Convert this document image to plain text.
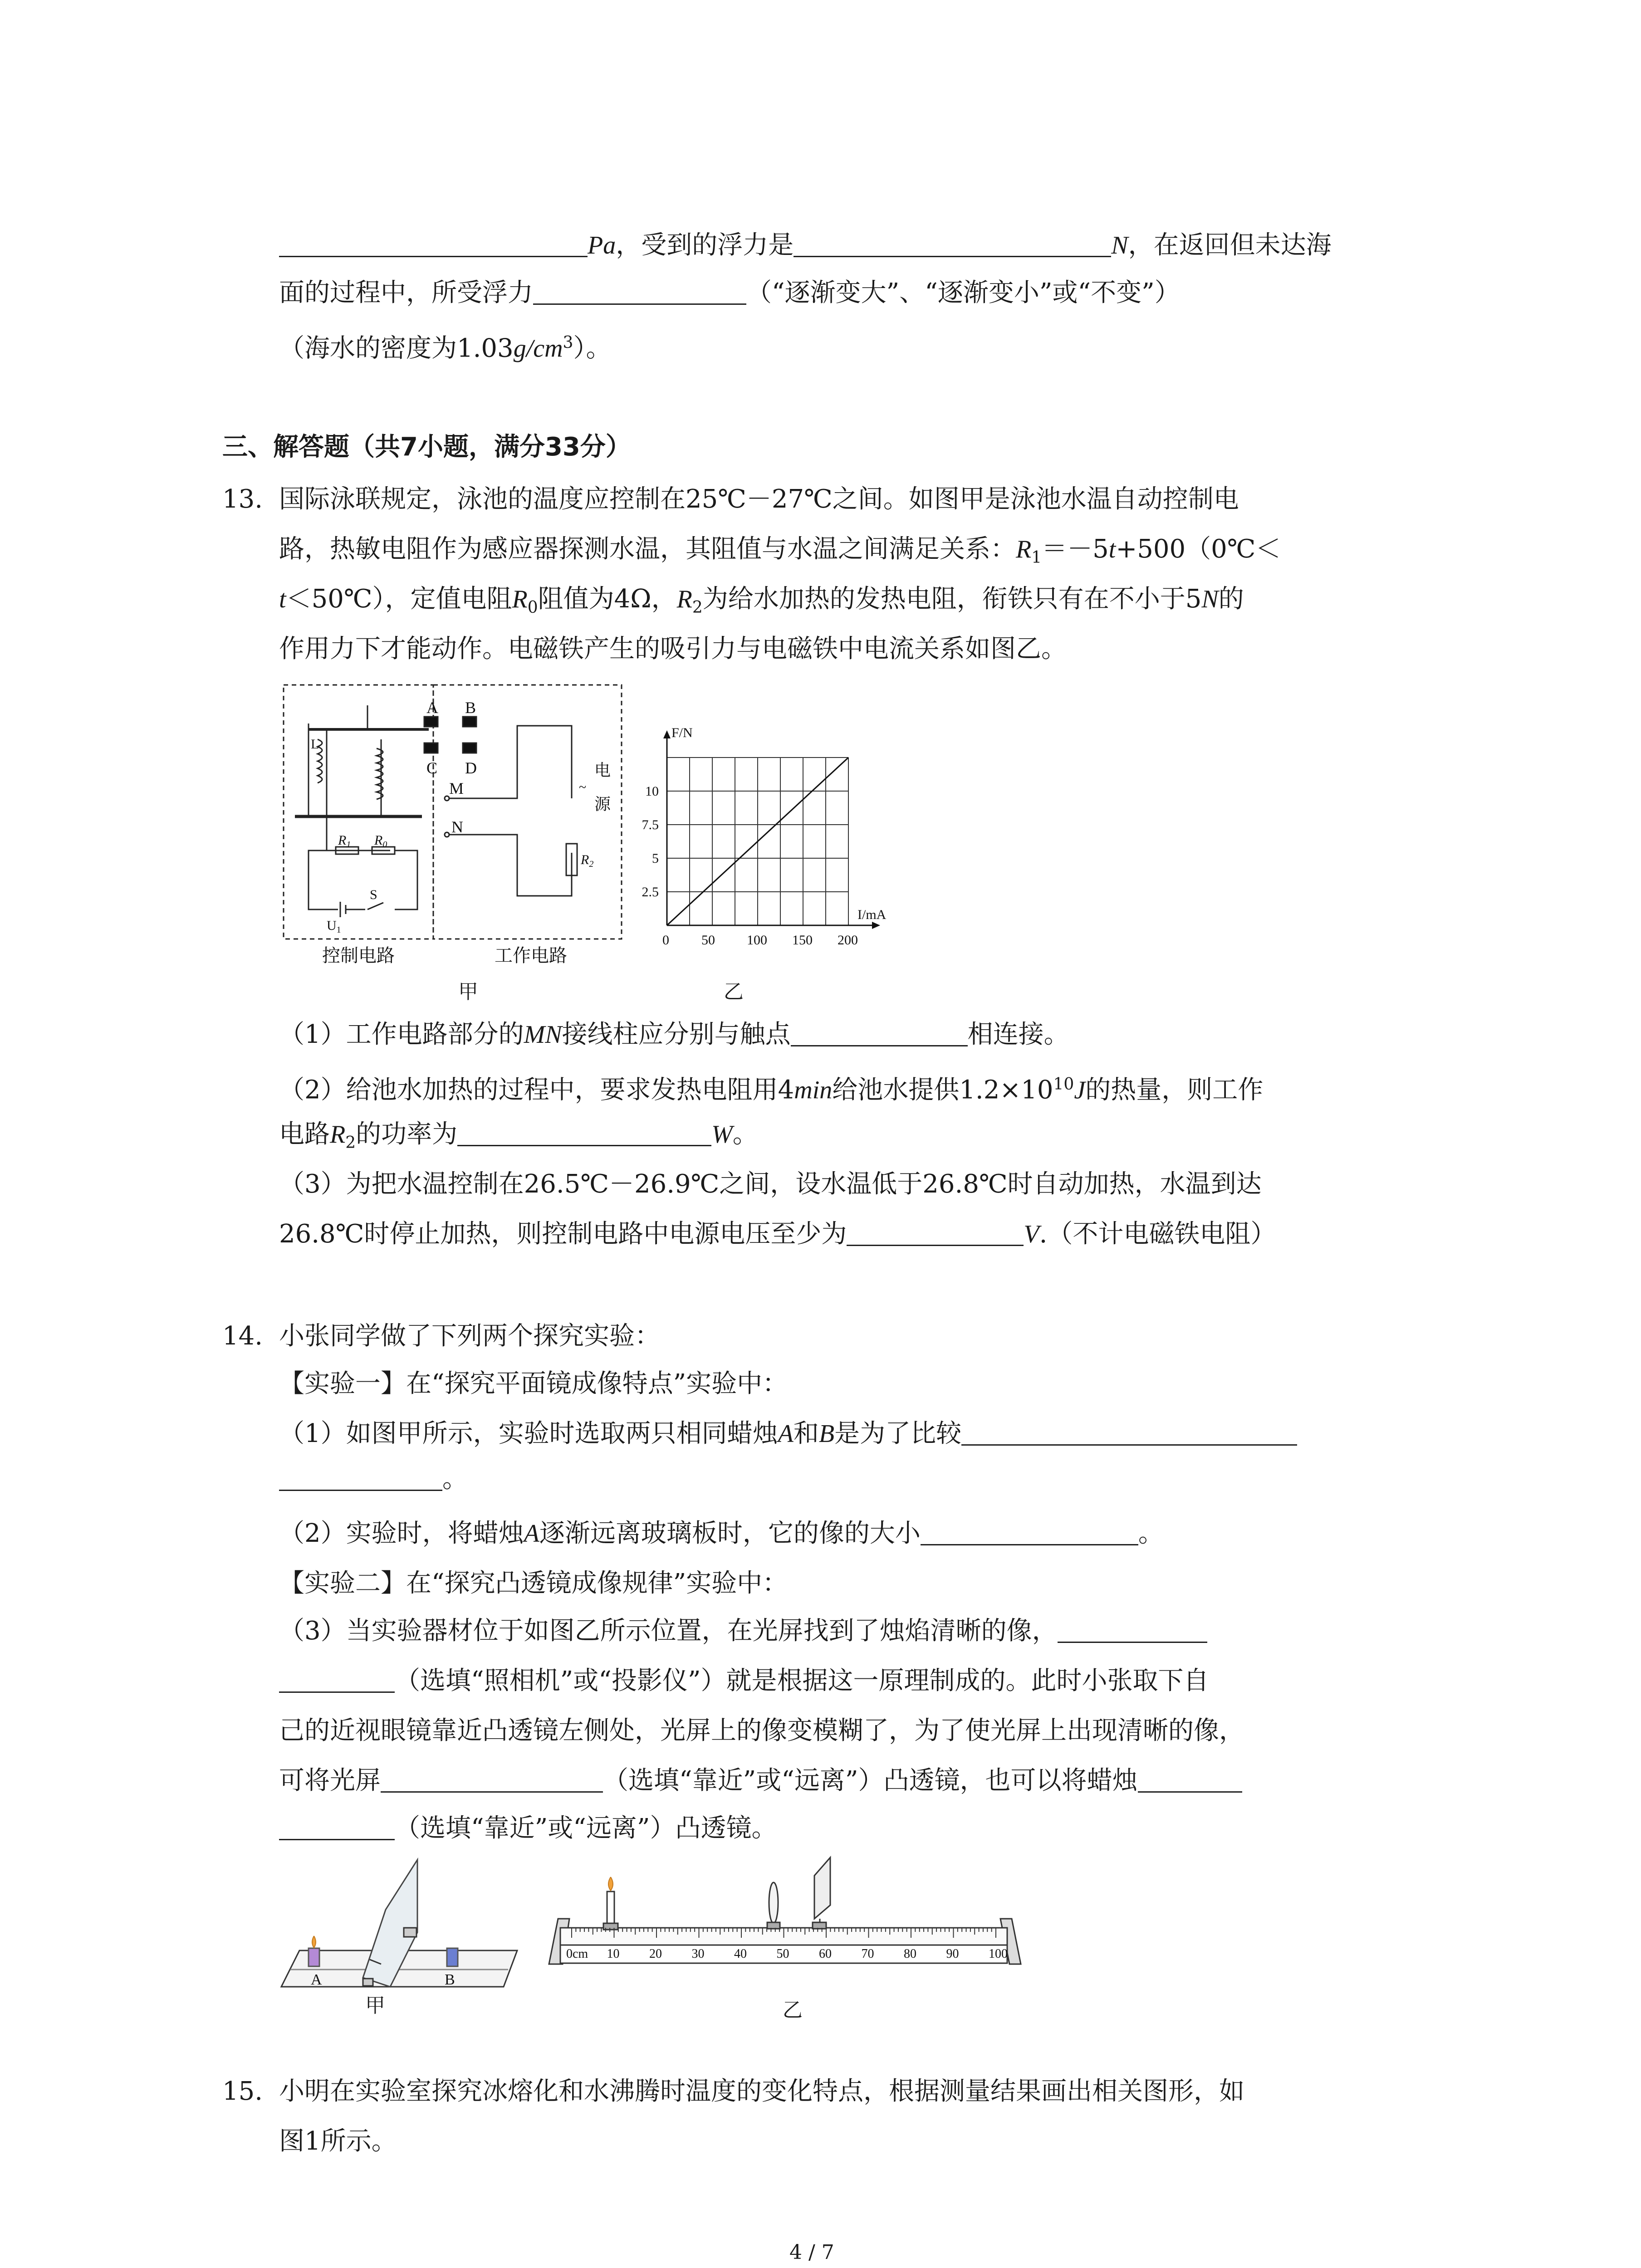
Pa，受到的浮力是	N，在返回但未达海
面的过程中，所受浮力	（“逐渐变大”、“逐渐变小”或“不变”）
（海水的密度为$1.03g/cm^3$）。
三、解答题（共7小题，满分33分）
13. 国际泳联规定，泳池的温度应控制在25℃－27℃之间。如图甲是泳池水温自动控制电
路，热敏电阻作为感应器探测水温，其阻值与水温之间满足关系：$R_1=-5t+500(0℃<$
t＜50℃），定值电阻$R_0$阻值为4Ω，$R_2$为给水加热的发热电阻，衔铁只有在不小于5N的
作用力下才能动作。电磁铁产生的吸引力与电磁铁中电流关系如图乙。
A B
C D
M
N
L
$R_1$ $R_0$
$R_2$
$U_1$
S
电
~
源
控制电路	工作电路
甲
0 50 100 150 200
2.5
5
7.5
10
I/mA
F/N
乙
（1）工作电路部分的MN接线柱应分别与触点	相连接。
（2）给池水加热的过程中，要求发热电阻用4min给池水提供$1.2\times 10^{10}J$的热量，则工作
电路$R_2$的功率为	W。
（3）为把水温控制在26.5℃－26.9℃之间，设水温低于26.8℃时自动加热，水温到达
26.8℃时停止加热，则控制电路中电源电压至少为	V.（不计电磁铁电阻）
14. 小张同学做了下列两个探究实验：
【实验一】在“探究平面镜成像特点”实验中：
（1）如图甲所示，实验时选取两只相同蜡烛A和B是为了比较
。
（2）实验时，将蜡烛A逐渐远离玻璃板时，它的像的大小	。
【实验二】在“探究凸透镜成像规律”实验中：
（3）当实验器材位于如图乙所示位置，在光屏找到了烛焰清晰的像，
（选填“照相机”或“投影仪”）就是根据这一原理制成的。此时小张取下自
己的近视眼镜靠近凸透镜左侧处，光屏上的像变模糊了，为了使光屏上出现清晰的像，
可将光屏	（选填“靠近”或“远离”）凸透镜，也可以将蜡烛
（选填“靠近”或“远离”）凸透镜。
A	B
甲
0cm 10 20 30 40 50 60 70 80 90 100
乙
15. 小明在实验室探究冰熔化和水沸腾时温度的变化特点，根据测量结果画出相关图形，如
图1所示。
4 / 7
